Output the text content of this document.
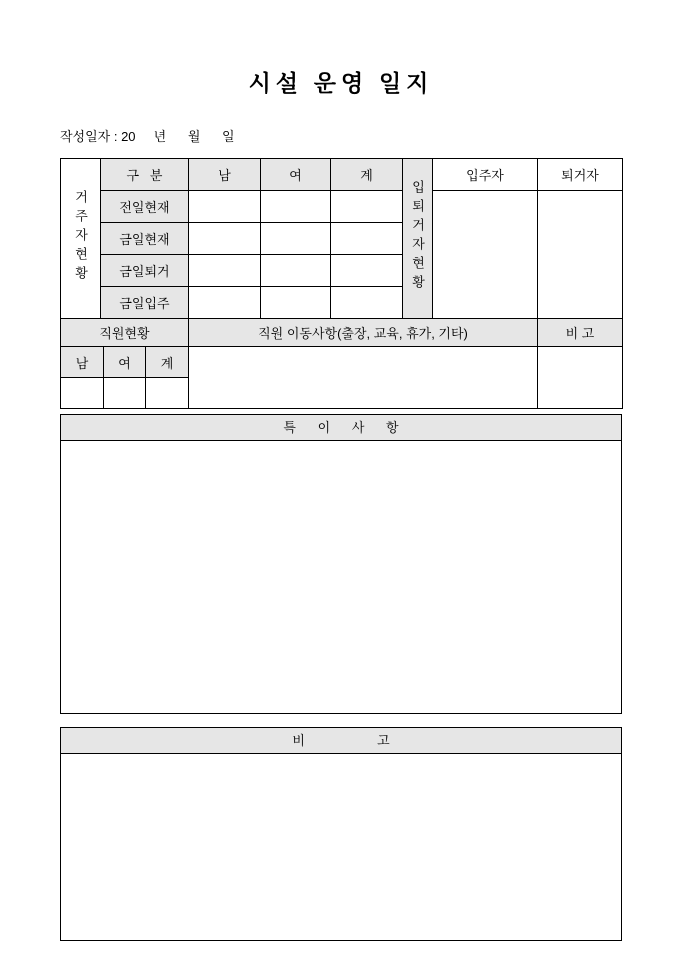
시설 운영 일지
작성일자 : 20     년      월      일
거주자현황	구   분	남	여	계	입퇴거자현황	입주자	퇴거자
	전일현재						
	금일현재						
	금일퇴거						
	금일입주						
직원현황			직원 이동사항(출장, 교육, 휴가, 기타)	비 고
남	여	계		

특      이      사      항
비                    고
